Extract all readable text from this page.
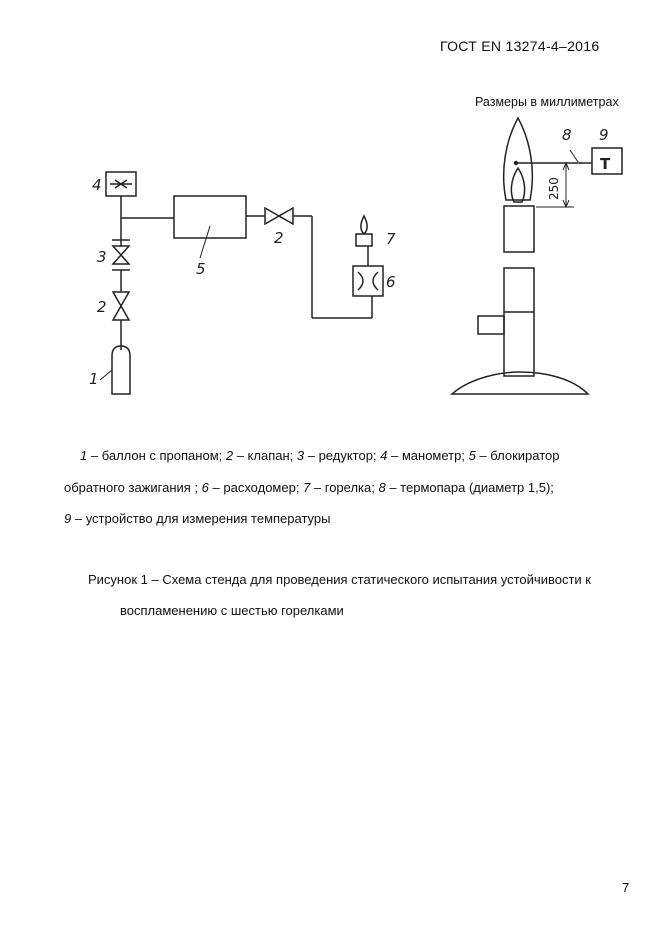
ГОСТ EN 13274-4–2016
Размеры в миллиметрах
4
3
2
1
5
2	7
6
8 9
T
250
1 – баллон с пропаном; 2 – клапан; 3 – редуктор; 4 – манометр; 5 – блокиратор
обратного зажигания ; 6 – расходомер; 7 – горелка; 8 – термопара (диаметр 1,5);
9 – устройство для измерения температуры
Рисунок 1 – Схема стенда для проведения статического испытания устойчивости к
воспламенению с шестью горелками
7
